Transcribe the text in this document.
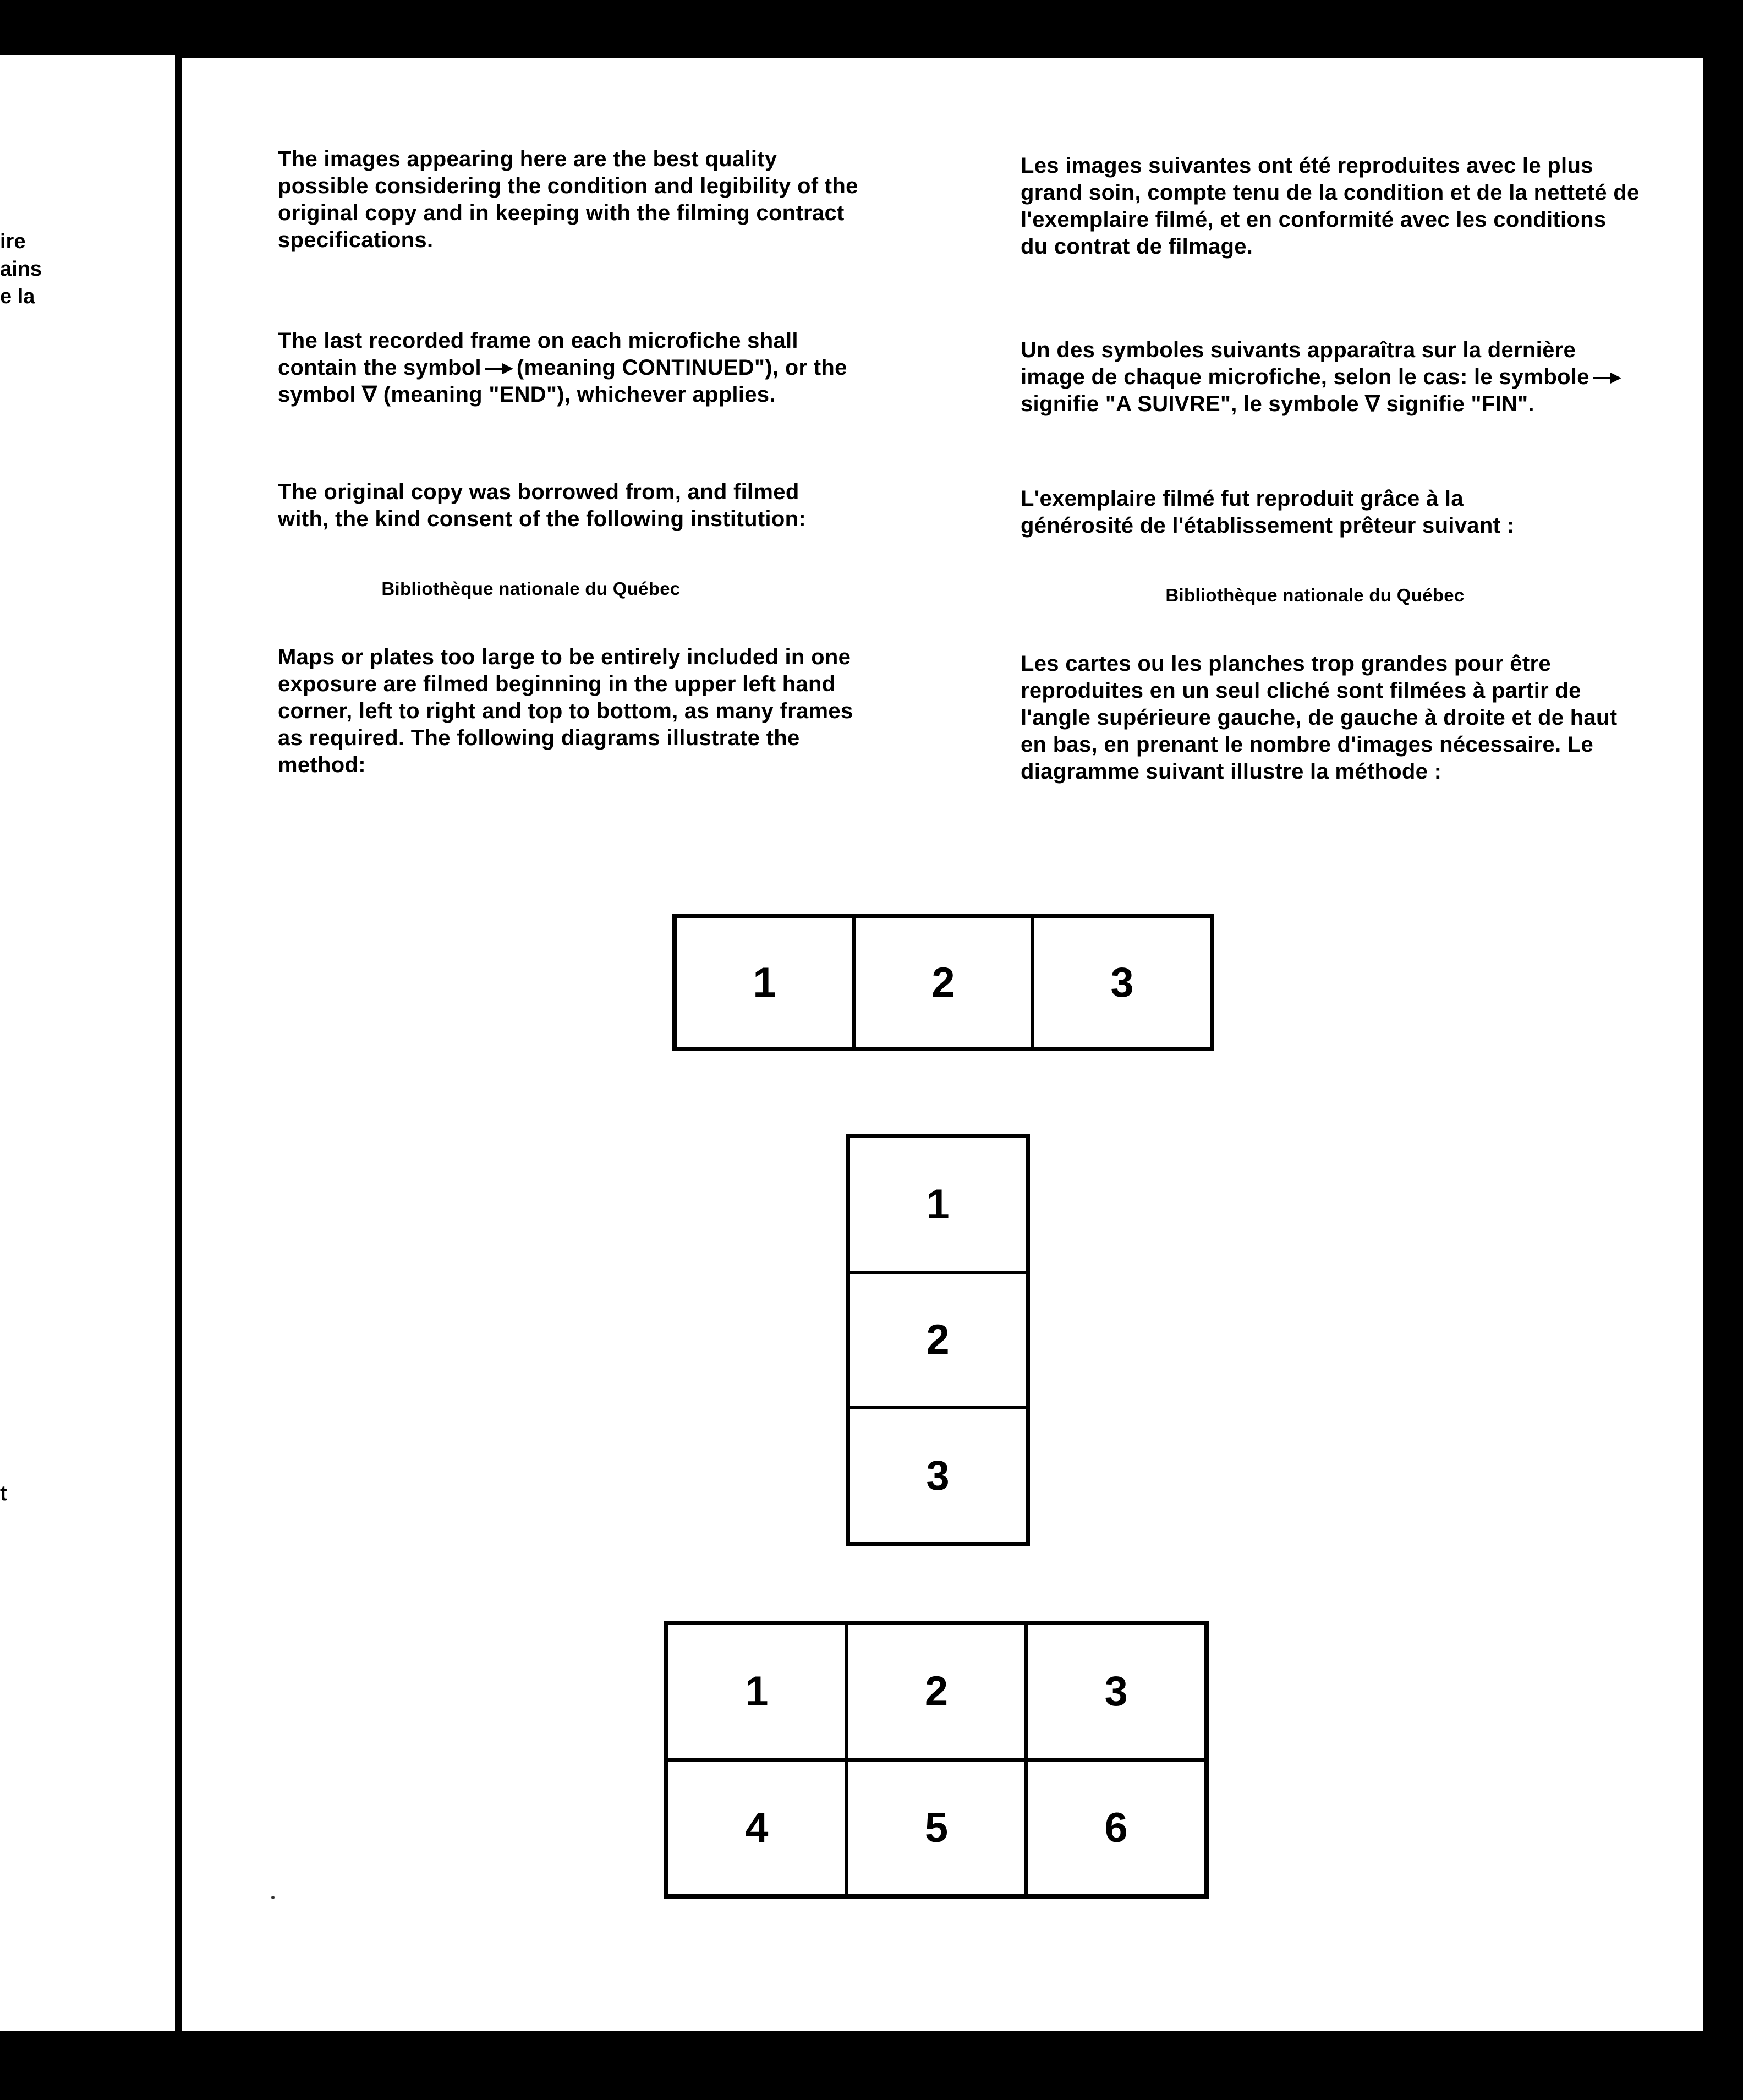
ire
ains
e la
t

The images appearing here are the best quality possible considering the condition and legibility of the original copy and in keeping with the filming contract specifications.

The last recorded frame on each microfiche shall contain the symbol (meaning CONTINUED"), or the symbol ∇ (meaning "END"), whichever applies.

The original copy was borrowed from, and filmed with, the kind consent of the following institution:

Bibliothèque nationale du Québec

Maps or plates too large to be entirely included in one exposure are filmed beginning in the upper left hand corner, left to right and top to bottom, as many frames as required. The following diagrams illustrate the method:

Les images suivantes ont été reproduites avec le plus grand soin, compte tenu de la condition et de la netteté de l'exemplaire filmé, et en conformité avec les conditions du contrat de filmage.

Un des symboles suivants apparaîtra sur la dernière image de chaque microfiche, selon le cas: le symbolesignifie "A SUIVRE", le symbole ∇ signifie "FIN".

L'exemplaire filmé fut reproduit grâce à la générosité de l'établissement prêteur suivant :

Bibliothèque nationale du Québec

Les cartes ou les planches trop grandes pour être reproduites en un seul cliché sont filmées à partir de l'angle supérieure gauche, de gauche à droite et de haut en bas, en prenant le nombre d'images nécessaire. Le diagramme suivant illustre la méthode :

1	2	3
1
2
3
1	2	3
4	5	6
